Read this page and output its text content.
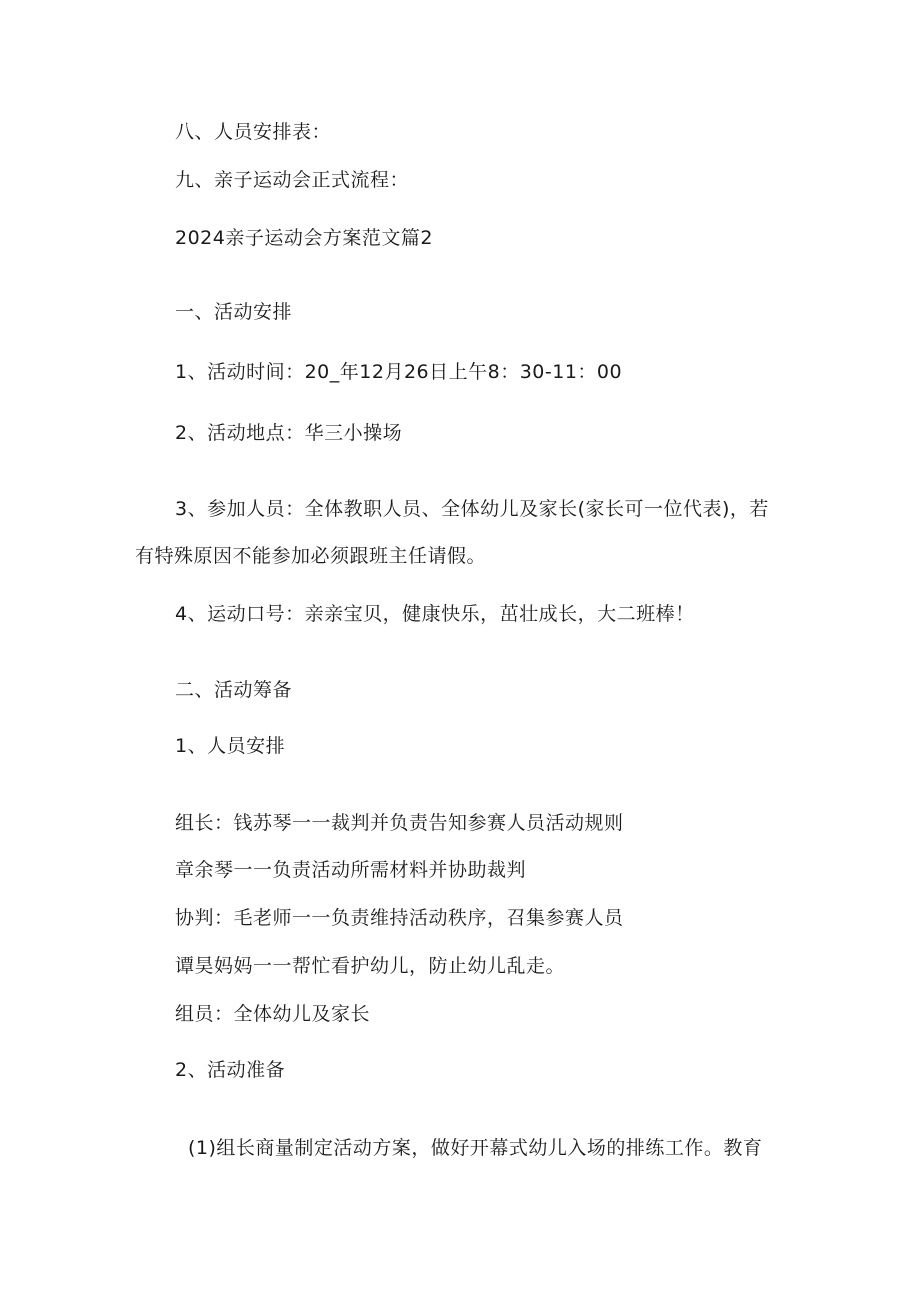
八、人员安排表：
九、亲子运动会正式流程：
2024亲子运动会方案范文篇2
一、活动安排
1、活动时间：20_年12月26日上午8：30-11：00
2、活动地点：华三小操场
3、参加人员：全体教职人员、全体幼儿及家长(家长可一位代表)，若
有特殊原因不能参加必须跟班主任请假。
4、运动口号：亲亲宝贝，健康快乐，茁壮成长，大二班棒！
二、活动筹备
1、人员安排
组长：钱苏琴一一裁判并负责告知参赛人员活动规则
章余琴一一负责活动所需材料并协助裁判
协判：毛老师一一负责维持活动秩序，召集参赛人员
谭昊妈妈一一帮忙看护幼儿，防止幼儿乱走。
组员：全体幼儿及家长
2、活动准备
(1)组长商量制定活动方案，做好开幕式幼儿入场的排练工作。教育
